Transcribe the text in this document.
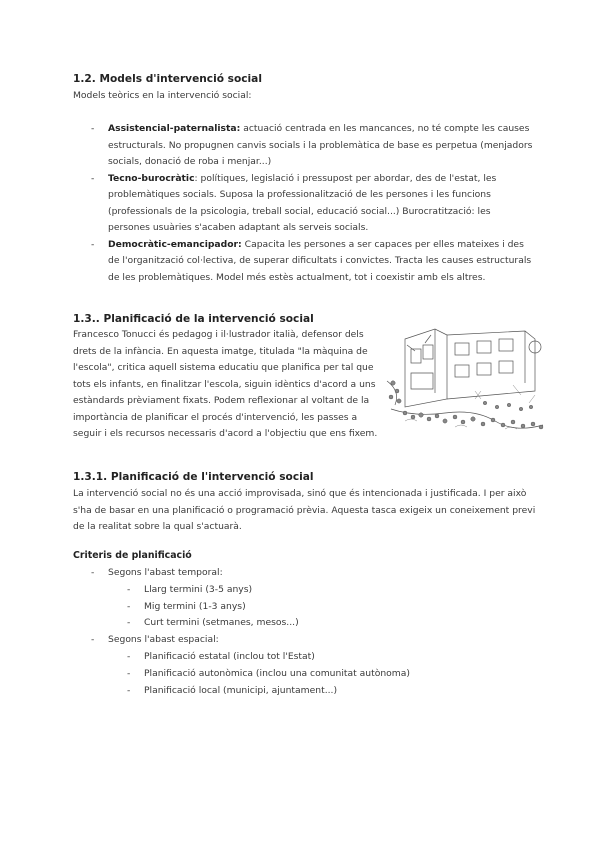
1.2. Models d'intervenció social

Models teòrics en la intervenció social:

- Assistencial-paternalista: actuació centrada en les mancances, no té compte les causes estructurals. No propugnen canvis socials i la problemàtica de base es perpetua (menjadors socials, donació de roba i menjar...)
- Tecno-burocràtic: polítiques, legislació i pressupost per abordar, des de l'estat, les problemàtiques socials. Suposa la professionalització de les persones i les funcions (professionals de la psicologia, treball social, educació social...) Burocratització: les persones usuàries s'acaben adaptant als serveis socials.
- Democràtic-emancipador: Capacita les persones a ser capaces per elles mateixes i des de l'organització col·lectiva, de superar dificultats i convictes. Tracta les causes estructurals de les problemàtiques. Model més estès actualment, tot i coexistir amb els altres.
1.3.. Planificació de la intervenció social

Francesco Tonucci és pedagog i il·lustrador italià, defensor dels drets de la infància. En aquesta imatge, titulada "la màquina de l'escola", critica aquell sistema educatiu que planifica per tal que tots els infants, en finalitzar l'escola, siguin idèntics d'acord a uns estàndards prèviament fixats. Podem reflexionar al voltant de la importància de planificar el procés d'intervenció, les passes a seguir i els recursos necessaris d'acord a l'objectiu que ens fixem.

1.3.1. Planificació de l'intervenció social

La intervenció social no és una acció improvisada, sinó que és intencionada i justificada. I per això s'ha de basar en una planificació o programació prèvia. Aquesta tasca exigeix un coneixement previ de la realitat sobre la qual s'actuarà.

Criteris de planificació

- Segons l'abast temporal:
- Llarg termini (3-5 anys)
- Mig termini (1-3 anys)
- Curt termini (setmanes, mesos...)
- Segons l'abast espacial:
- Planificació estatal (inclou tot l'Estat)
- Planificació autonòmica (inclou una comunitat autònoma)
- Planificació local (municipi, ajuntament...)
